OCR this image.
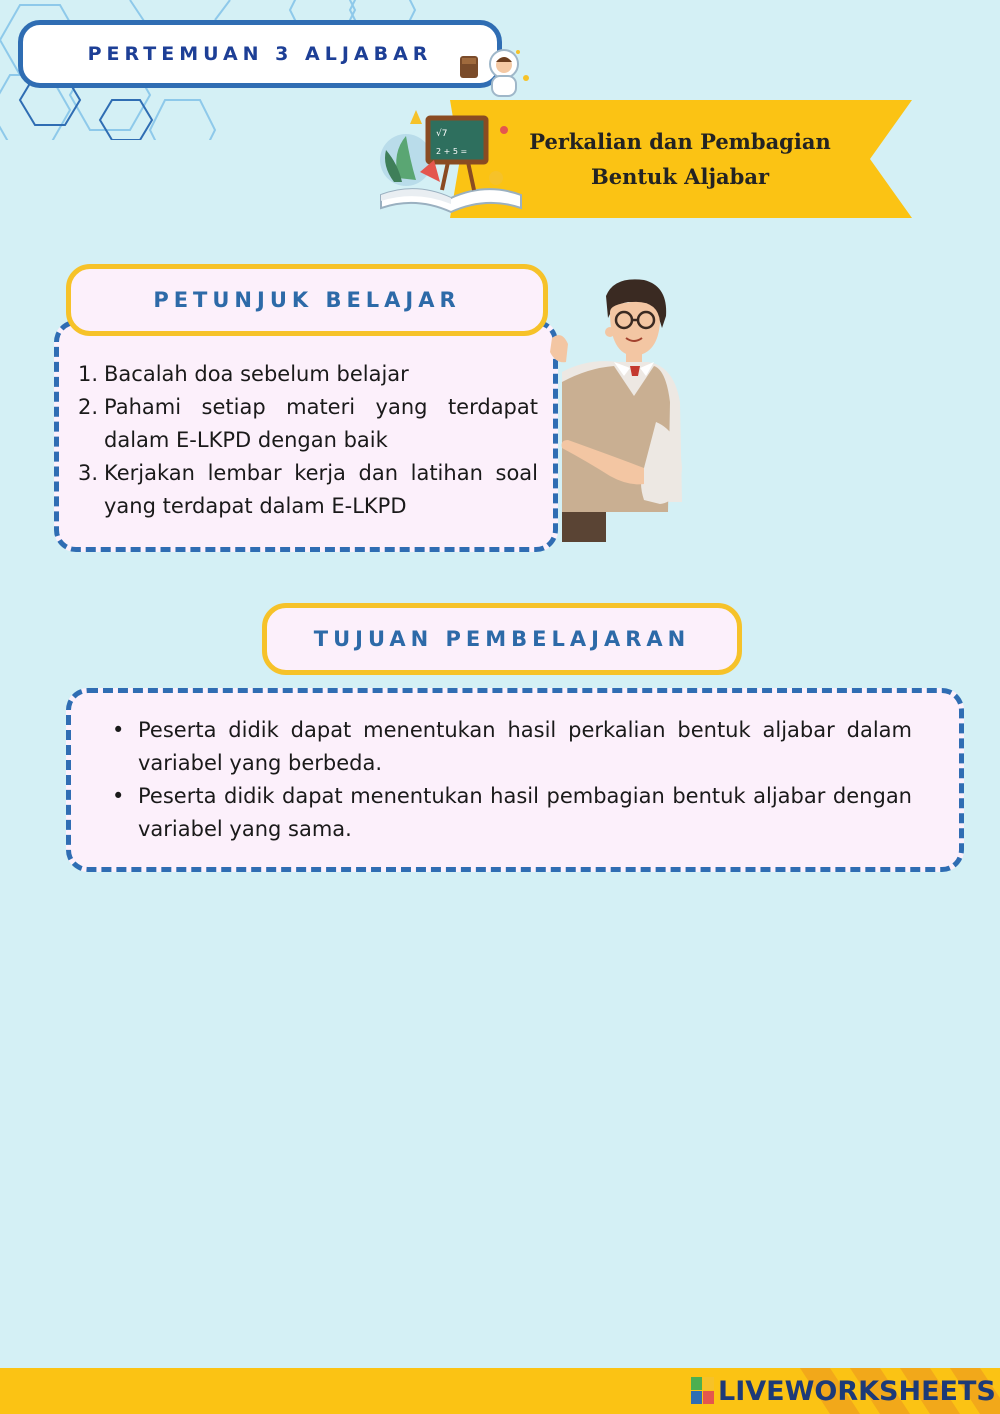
PERTEMUAN 3 ALJABAR
√7
2 + 5 =	Perkalian dan Pembagian
Bentuk Aljabar
PETUNJUK BELAJAR
1. Bacalah doa sebelum belajar
2. Pahami setiap materi yang terdapat dalam E-LKPD dengan baik
3. Kerjakan lembar kerja dan latihan soal yang terdapat dalam E-LKPD
TUJUAN PEMBELAJARAN
• Peserta didik dapat menentukan hasil perkalian bentuk aljabar dalam variabel yang berbeda.
• Peserta didik dapat menentukan hasil pembagian bentuk aljabar dengan variabel yang sama.
LIVEWORKSHEETS
